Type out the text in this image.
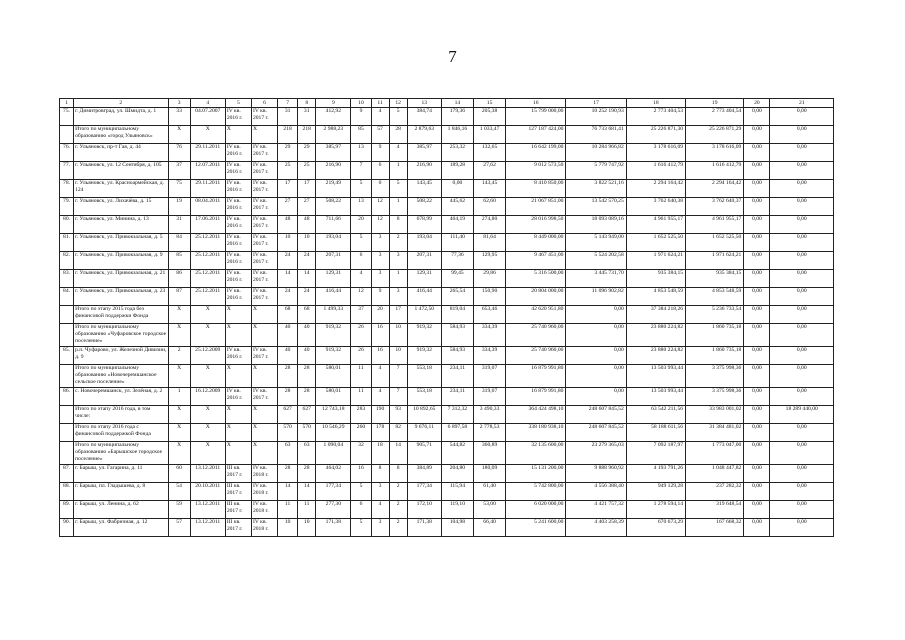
7
1	2	3	4	5	6	7	8	9	10	11	12	13	14	15	16	17	18	19	20	21
75.	г. Димитровград, ул. Шмидта, д. 1	33	04.07.2007	IV кв. 2016 г.	IV кв. 2017 г.	31	31	412,92	9	4	5	384,74	179,36	205,38	15 799 000,00	10 252 190,93	2 773 404,53	2 773 404,54	0,00	0,00
	Итого по муниципальному образованию «город Ульяновск»	X	X	X	X	218	218	2 988,23	85	57	28	2 879,63	1 846,16	1 033,47	127 187 424,00	76 733 681,41	25 226 871,30	25 226 871,29	0,00	0,00
76.	г. Ульяновск, пр-т Гая, д. 44	76	29.11.2011	IV кв. 2016 г.	IV кв. 2017 г.	29	29	385,97	13	9	4	385,97	253,32	132,65	16 642 199,00	10 284 966,82	3 178 616,09	3 178 616,09	0,00	0,00
77.	г. Ульяновск, ул. 12 Сентября, д. 105	37	12.07.2011	IV кв. 2016 г.	IV кв. 2017 г.	25	25	216,90	7	6	1	216,90	189,28	27,62	9 012 573,50	5 779 747,92	1 616 412,79	1 616 412,79	0,00	0,00
78.	г. Ульяновск, ул. Красноармейская, д. 124	75	29.11.2011	IV кв. 2016 г.	IV кв. 2017 г.	17	17	219,49	5	0	5	143,45	0,00	143,45	8 410 850,00	3 822 521,16	2 294 164,42	2 294 164,42	0,00	0,00
79.	г. Ульяновск, ул. Лихачёва, д. 15	19	08.04.2011	IV кв. 2016 г.	IV кв. 2017 г.	27	27	508,22	13	12	1	508,22	445,62	62,60	21 067 851,00	13 542 570,25	3 762 640,38	3 762 640,37	0,00	0,00
80.	г. Ульяновск, ул. Минина, д. 13	31	17.06.2011	IV кв. 2016 г.	IV кв. 2017 г.	48	48	711,66	20	12	8	678,99	404,19	274,80	28 016 998,50	18 093 089,16	4 961 955,17	4 961 955,17	0,00	0,00
81.	г. Ульяновск, ул. Привокзальная, д. 5	84	25.12.2011	IV кв. 2016 г.	IV кв. 2017 г.	10	10	193,04	5	3	2	193,04	111,40	81,64	8 449 000,00	5 143 949,00	1 652 525,50	1 652 525,50	0,00	0,00
82.	г. Ульяновск, ул. Привокзальная, д. 9	85	25.12.2011	IV кв. 2016 г.	IV кв. 2017 г.	24	24	207,31	6	3	3	207,31	77,36	129,95	9 467 451,00	5 524 202,58	1 971 624,21	1 971 624,21	0,00	0,00
83.	г. Ульяновск, ул. Привокзальная, д. 21	86	25.12.2011	IV кв. 2016 г.	IV кв. 2017 г.	14	14	129,31	4	3	1	129,31	99,45	29,86	5 316 500,00	3 445 731,70	935 384,15	935 384,15	0,00	0,00
84.	г. Ульяновск, ул. Привокзальная, д. 23	87	25.12.2011	IV кв. 2016 г.	IV кв. 2017 г.	24	24	416,44	12	9	3	416,44	265,54	150,90	20 804 000,00	11 096 902,82	4 853 548,59	4 853 548,59	0,00	0,00
	Итого по этапу 2015 года без финансовой поддержки Фонда	X	X	X	X	68	68	1 499,33	37	20	17	1 472,50	819,04	653,46	42 620 951,80	0,00	37 384 218,26	5 236 733,54	0,00	0,00
	Итого по муниципальному образованию «Чуфаровское городское поселение»	X	X	X	X	40	40	919,32	26	16	10	919,32	584,93	334,39	25 740 960,00	0,00	23 880 224,82	1 860 735,18	0,00	0,00
85.	р.п. Чуфарово, ул. Железной Дивизии, д. 9	2	25.12.2009	IV кв. 2016 г.	IV кв. 2017 г.	40	40	919,32	26	16	10	919,32	584,93	334,39	25 740 960,00	0,00	23 880 224,82	1 860 735,18	0,00	0,00
	Итого по муниципальному образованию «Новочеремшанское сельское поселение»	X	X	X	X	28	28	580,01	11	4	7	553,18	234,11	319,07	16 879 991,80	0,00	13 503 993,44	3 375 998,36	0,00	0,00
86.	с. Новочеремшанск, ул. Зелёная, д. 2	1	16.12.2009	IV кв. 2016 г.	IV кв. 2017 г.	28	28	580,01	11	4	7	553,18	234,11	319,07	16 879 991,80	0,00	13 503 993,44	3 375 998,36	0,00	0,00
	Итого по этапу 2016 года, в том числе:	X	X	X	X	627	627	12 743,18	283	190	93	10 892,65	7 312,32	3 490,33	364 424 498,10	248 607 845,52	63 542 211,56	33 983 001,02	0,00	18 289 440,00
	Итого по этапу 2016 года с финансовой поддержкой Фонда	X	X	X	X	570	570	10 546,29	260	178	82	9 676,11	6 897,58	2 778,53	338 180 938,10	248 607 845,52	58 188 611,56	31 384 481,02	0,00	0,00
	Итого по муниципальному образованию «Барышское городское поселение»	X	X	X	X	63	63	1 090,04	32	18	14	905,71	544,82	360,89	32 135 600,00	23 279 365,03	7 092 187,97	1 773 047,00	0,00	0,00
87.	г. Барыш, ул. Гагарина, д. 11	60	13.12.2011	III кв. 2017 г.	IV кв. 2018 г.	28	28	464,02	16	8	8	384,89	204,80	180,09	15 131 200,00	9 888 960,92	4 193 791,26	1 048 447,82	0,00	0,00
88.	г. Барыш, пл. Гладышева, д. 8	54	20.10.2011	III кв. 2017 г.	IV кв. 2018 г.	14	14	177,34	5	3	2	177,34	115,94	61,40	5 742 800,00	4 556 388,40	949 129,28	237 282,32	0,00	0,00
89.	г. Барыш, ул. Ленина, д. 62	59	13.12.2011	III кв. 2017 г.	IV кв. 2018 г.	11	11	277,30	6	4	2	172,10	119,10	53,00	6 020 000,00	4 421 757,32	1 278 594,14	319 648,54	0,00	0,00
90.	г. Барыш, ул. Фабричная, д. 12	57	13.12.2011	III кв. 2017 г.	IV кв. 2018 г.	10	10	171,38	5	3	2	171,38	104,98	66,40	5 241 600,00	4 403 258,39	670 673,29	167 668,32	0,00	0,00
